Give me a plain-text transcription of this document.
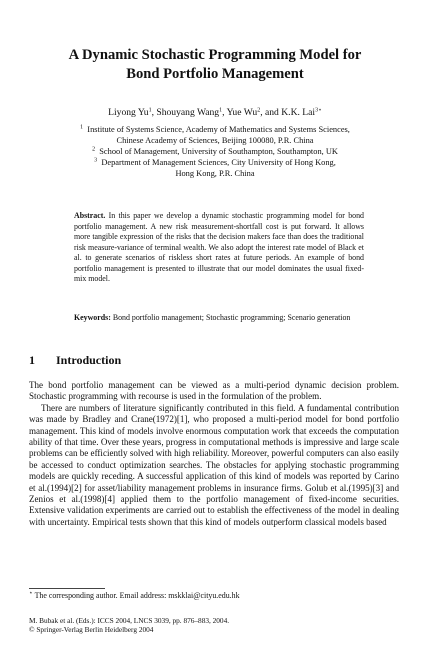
A Dynamic Stochastic Programming Model for
Bond Portfolio Management
Liyong Yu$^1$, Shouyang Wang$^1$, Yue Wu$^2$, and K.K. Lai$^{3⋆}$

$^1$ Institute of Systems Science, Academy of Mathematics and Systems Sciences,

Chinese Academy of Sciences, Beijing 100080, P.R. China

$^2$ School of Management, University of Southampton, Southampton, UK

$^3$ Department of Management Sciences, City University of Hong Kong,

Hong Kong, P.R. China

Abstract. In this paper we develop a dynamic stochastic programming model for bond portfolio management. A new risk measurement-shortfall cost is put forward. It allows more tangible expression of the risks that the decision makers face than does the traditional risk measure-variance of terminal wealth. We also adopt the interest rate model of Black et al. to generate scenarios of riskless short rates at future periods. An example of bond portfolio management is presented to illustrate that our model dominates the usual fixed-mix model.

Keywords: Bond portfolio management; Stochastic programming; Scenario generation

1 Introduction

The bond portfolio management can be viewed as a multi-period dynamic decision problem. Stochastic programming with recourse is used in the formulation of the problem.

There are numbers of literature significantly contributed in this field. A fundamental contribution was made by Bradley and Crane(1972)[1], who proposed a multi-period model for bond portfolio management. This kind of models involve enormous computation work that exceeds the computation ability of that time. Over these years, progress in computational methods is impressive and large scale problems can be efficiently solved with high reliability. Moreover, powerful computers can also easily be accessed to conduct optimization searches. The obstacles for applying stochastic programming models are quickly receding. A successful application of this kind of models was reported by Carino et al.(1994)[2] for asset/liability management problems in insurance firms. Golub et al.(1995)[3] and Zenios et al.(1998)[4] applied them to the portfolio management of fixed-income securities. Extensive validation experiments are carried out to establish the effectiveness of the model in dealing with uncertainty. Empirical tests shown that this kind of models outperform classical models based

⋆ The corresponding author. Email address: mskklai@cityu.edu.hk

M. Bubak et al. (Eds.): ICCS 2004, LNCS 3039, pp. 876–883, 2004.

© Springer-Verlag Berlin Heidelberg 2004
